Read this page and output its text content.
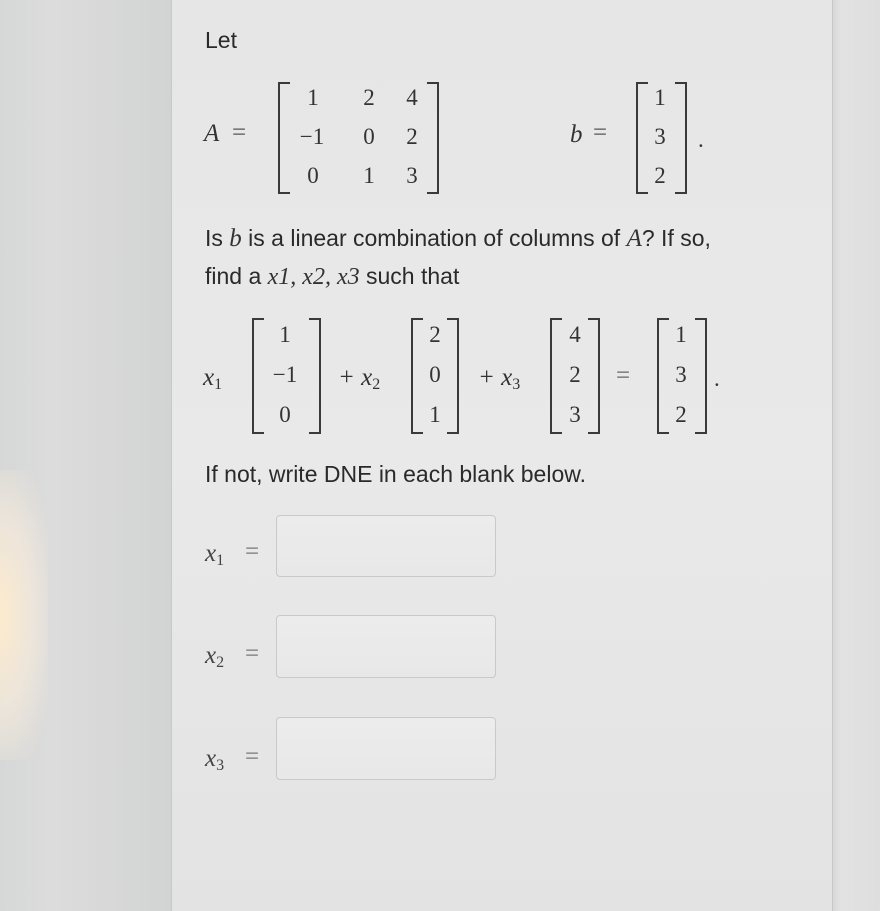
Let
A =
1	2	4
−1	0	2
0	1	3
b =
1
3
2
.
Is b is a linear combination of columns of A? If so,
find a x1, x2, x3 such that
$x_1$
1
−1
0
+ $x_2$
2
0
1
+ $x_3$
4
2
3
=
1
3
2
.
If not, write DNE in each blank below.
$x_1$ =
$x_2$ =
$x_3$ =
